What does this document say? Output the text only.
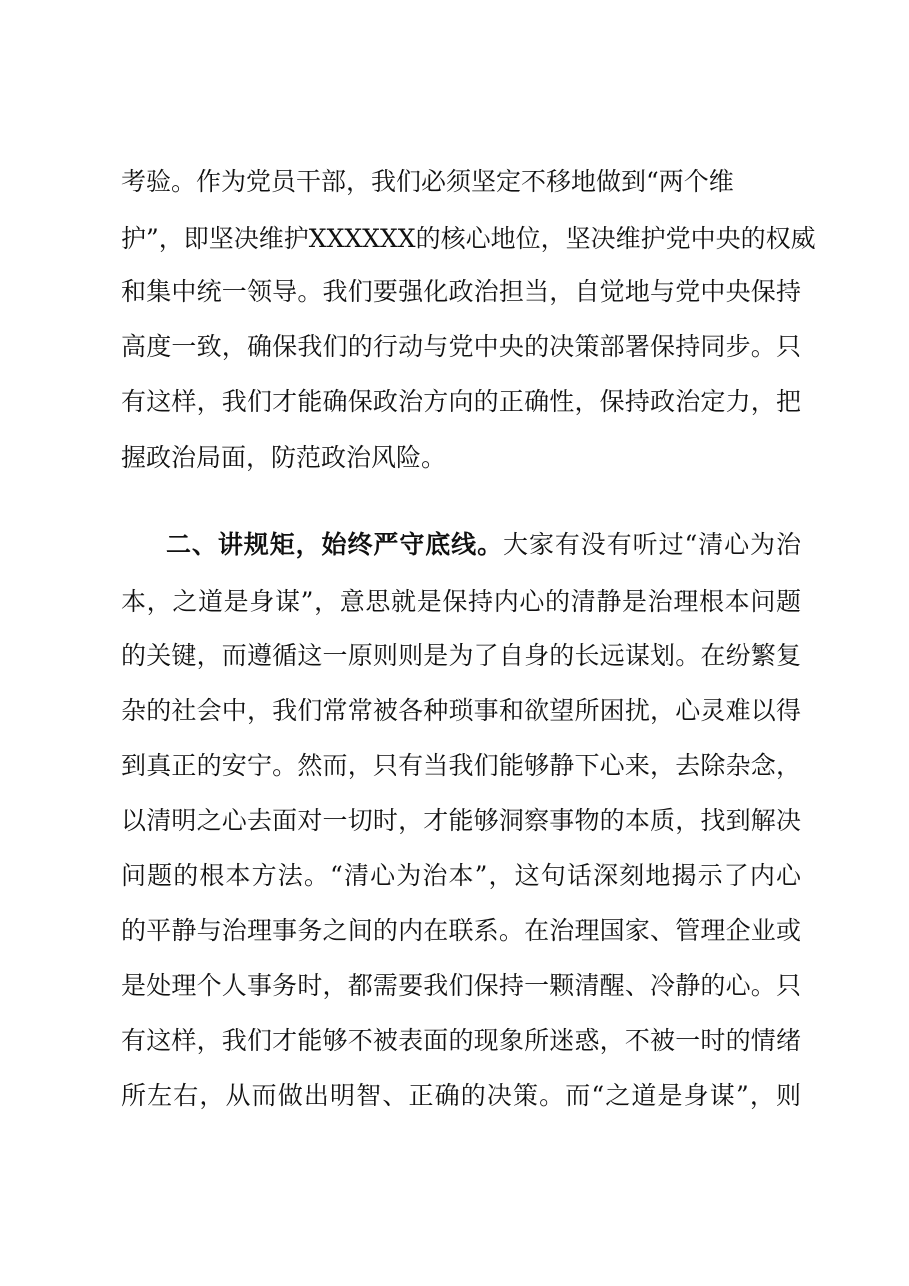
考验。作为党员干部，我们必须坚定不移地做到“两个维
护”，即坚决维护XXXXXX的核心地位，坚决维护党中央的权威
和集中统一领导。我们要强化政治担当，自觉地与党中央保持
高度一致，确保我们的行动与党中央的决策部署保持同步。只
有这样，我们才能确保政治方向的正确性，保持政治定力，把
握政治局面，防范政治风险。
二、讲规矩，始终严守底线。大家有没有听过“清心为治
本，之道是身谋”，意思就是保持内心的清静是治理根本问题
的关键，而遵循这一原则则是为了自身的长远谋划。在纷繁复
杂的社会中，我们常常被各种琐事和欲望所困扰，心灵难以得
到真正的安宁。然而，只有当我们能够静下心来，去除杂念，
以清明之心去面对一切时，才能够洞察事物的本质，找到解决
问题的根本方法。“清心为治本”，这句话深刻地揭示了内心
的平静与治理事务之间的内在联系。在治理国家、管理企业或
是处理个人事务时，都需要我们保持一颗清醒、冷静的心。只
有这样，我们才能够不被表面的现象所迷惑，不被一时的情绪
所左右，从而做出明智、正确的决策。而“之道是身谋”，则
